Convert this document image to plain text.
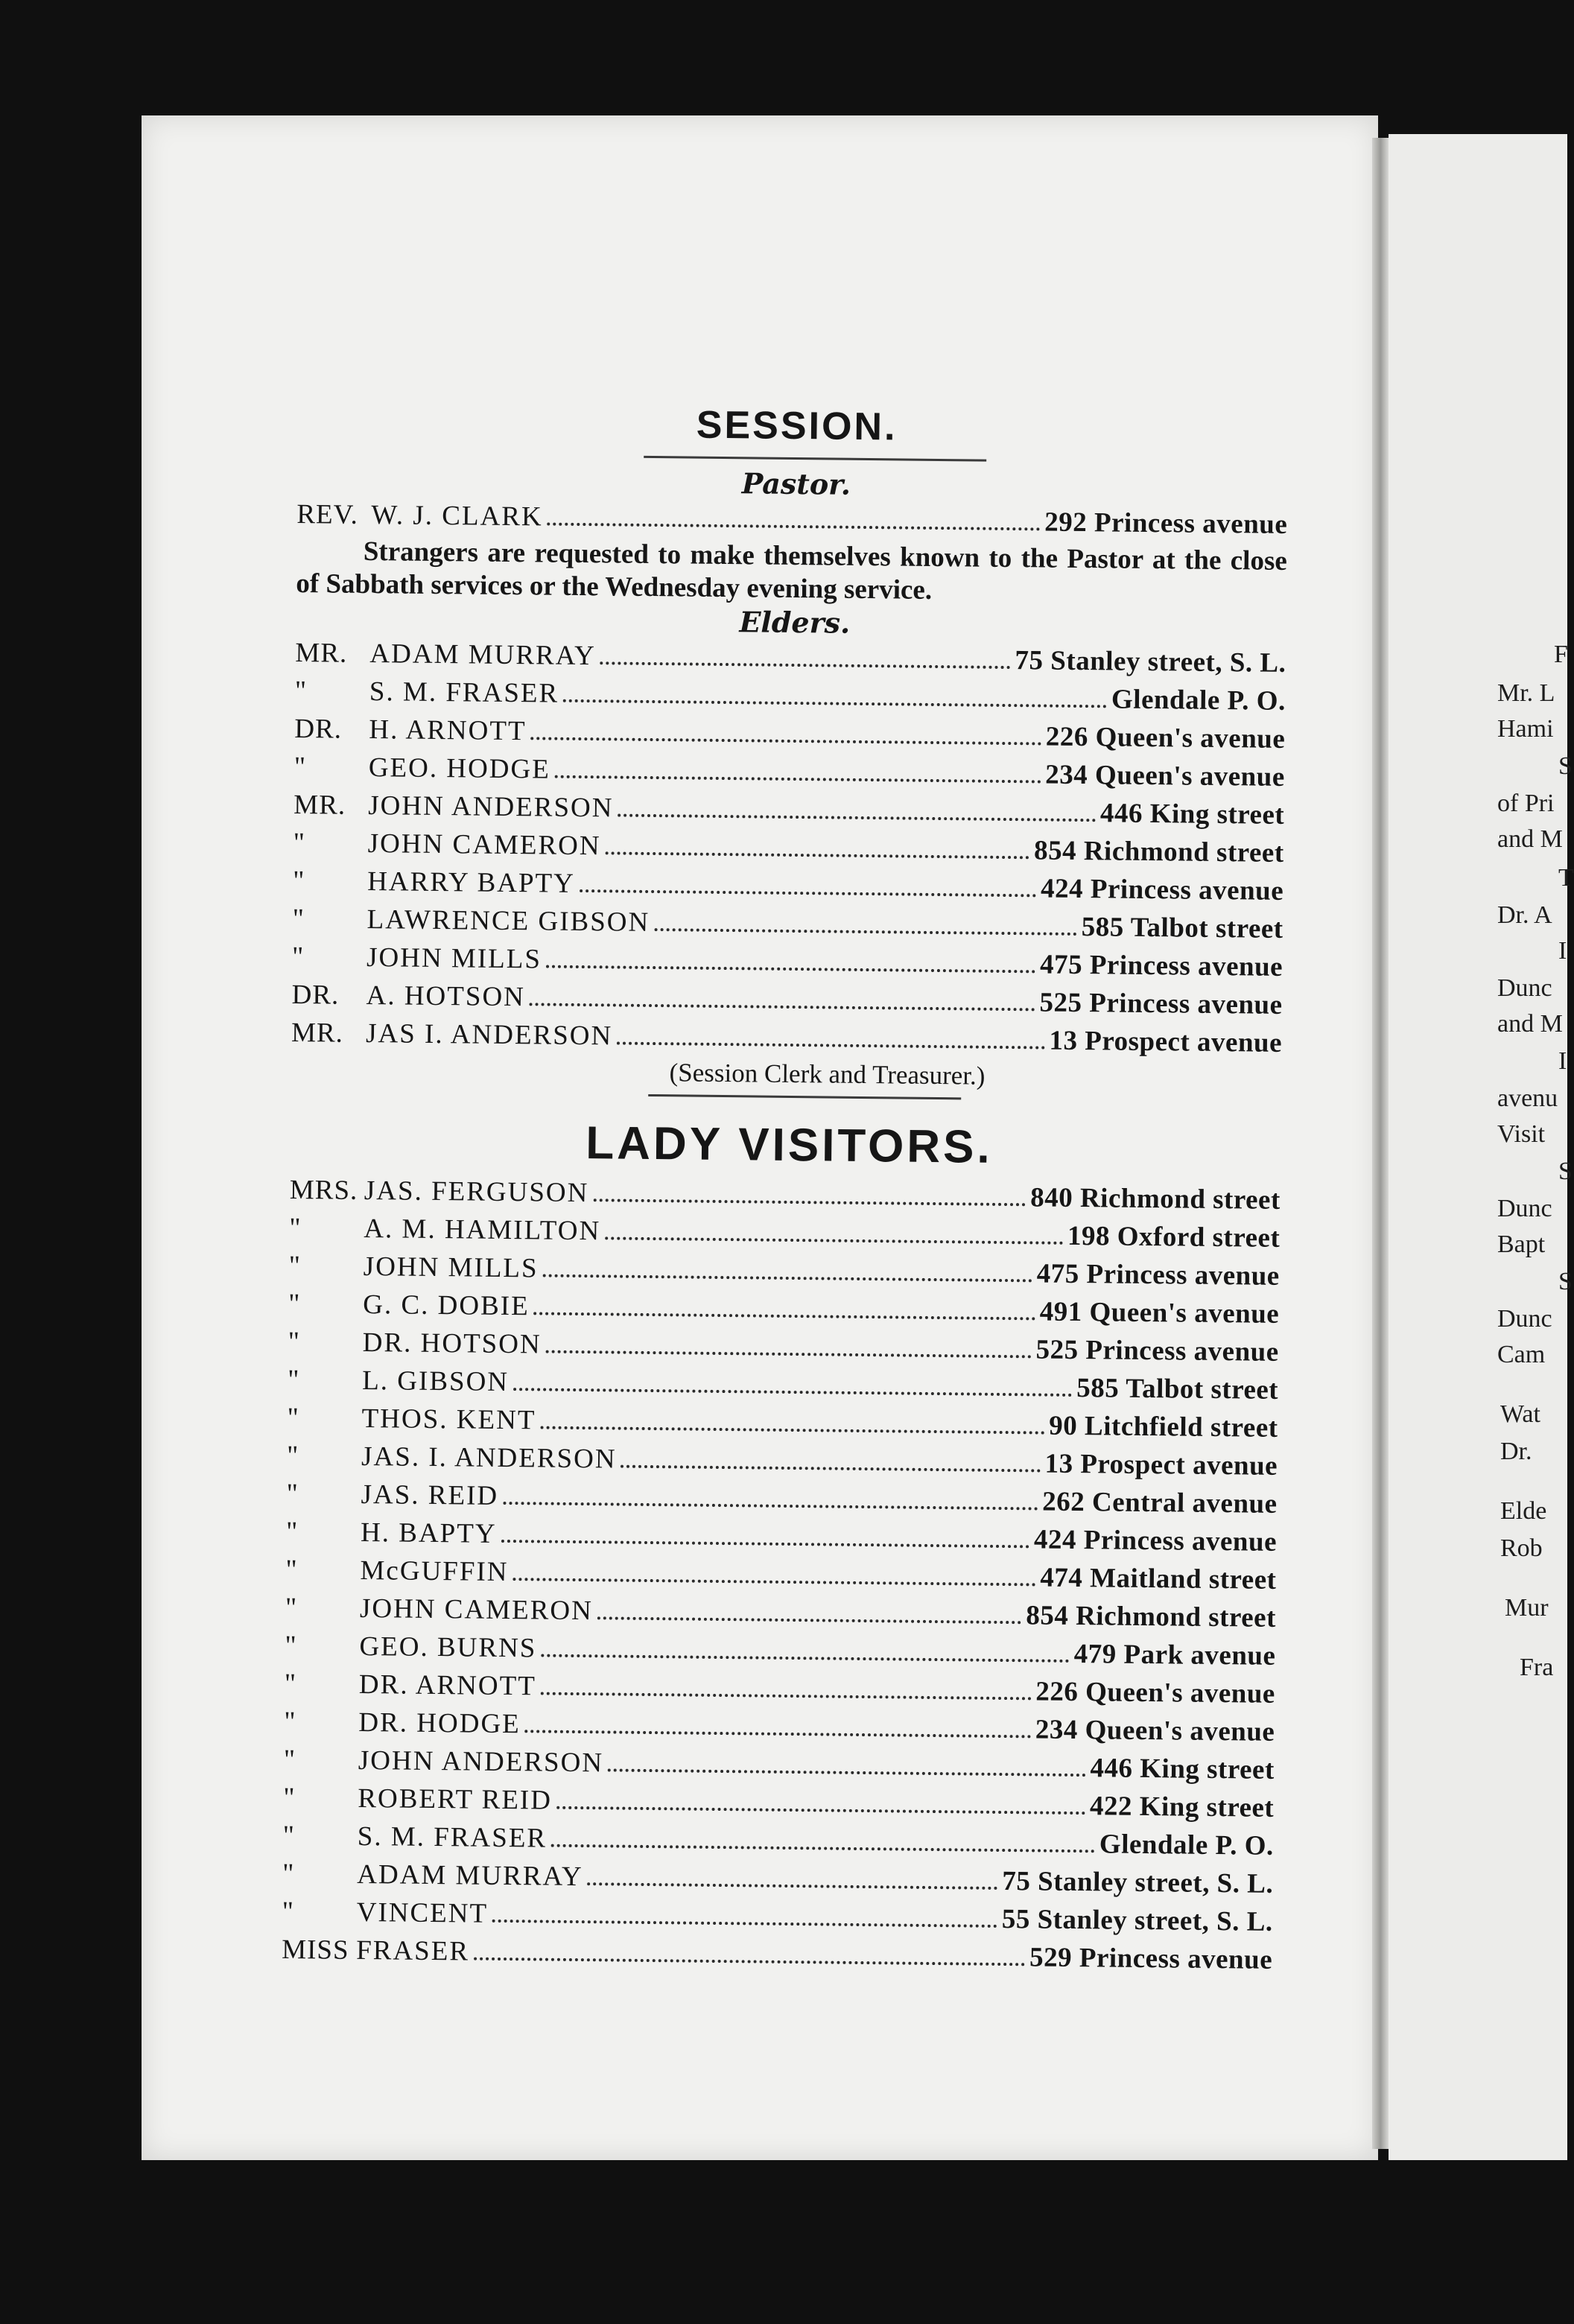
F
Mr. L
Hami
S
of Pri
and M
T
Dr. A
I
Dunc
and M
I
avenu
Visit
S
Dunc
Bapt
S
Dunc
Cam
Wat
Dr.
Elde
Rob
Mur
Fra
SESSION.
Pastor.
REV. W. J. CLARK	292 Princess avenue

Strangers are requested to make themselves known to the Pastor at the close of Sabbath services or the Wednesday evening service.

Elders.
MR. ADAM MURRAY	75 Stanley street, S. L.
"	S. M. FRASER	Glendale P. O.
DR. H. ARNOTT	226 Queen's avenue
"	GEO. HODGE	234 Queen's avenue
MR. JOHN ANDERSON	446 King street
"	JOHN CAMERON	854 Richmond street
"	HARRY BAPTY	424 Princess avenue
"	LAWRENCE GIBSON	585 Talbot street
"	JOHN MILLS	475 Princess avenue
DR. A. HOTSON	525 Princess avenue
MR. JAS I. ANDERSON	13 Prospect avenue
(Session Clerk and Treasurer.)
LADY VISITORS.
MRS. JAS. FERGUSON	840 Richmond street
"	A. M. HAMILTON	198 Oxford street
"	JOHN MILLS	475 Princess avenue
"	G. C. DOBIE	491 Queen's avenue
"	DR. HOTSON	525 Princess avenue
"	L. GIBSON	585 Talbot street
"	THOS. KENT	90 Litchfield street
"	JAS. I. ANDERSON	13 Prospect avenue
"	JAS. REID	262 Central avenue
"	H. BAPTY	424 Princess avenue
"	McGUFFIN	474 Maitland street
"	JOHN CAMERON	854 Richmond street
"	GEO. BURNS	479 Park avenue
"	DR. ARNOTT	226 Queen's avenue
"	DR. HODGE	234 Queen's avenue
"	JOHN ANDERSON	446 King street
"	ROBERT REID	422 King street
"	S. M. FRASER	Glendale P. O.
"	ADAM MURRAY	75 Stanley street, S. L.
"	VINCENT	55 Stanley street, S. L.
MISS FRASER	529 Princess avenue
